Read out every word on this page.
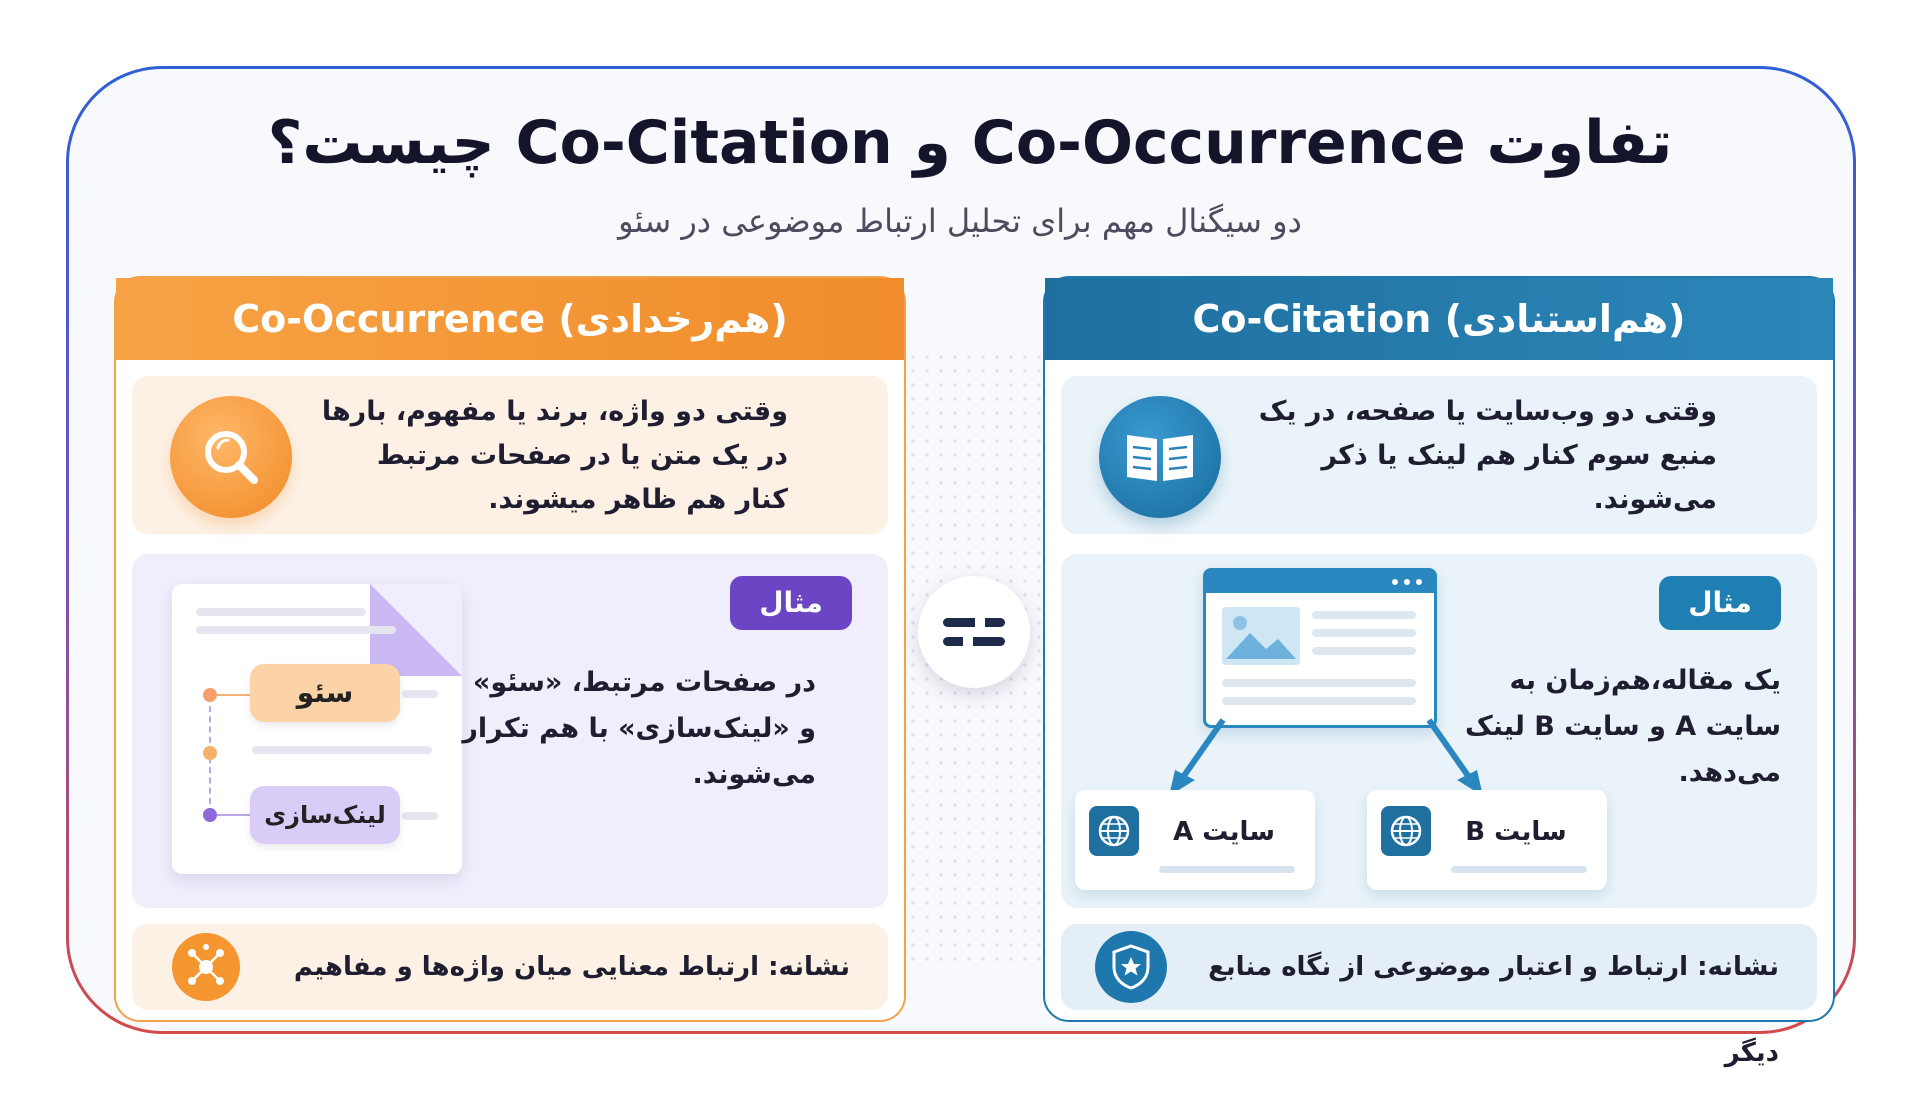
تفاوت Co-Occurrence و Co-Citation چیست؟
دو سیگنال مهم برای تحلیل ارتباط موضوعی در سئو
Co-Occurrence (هم‌رخدادی)
وقتی دو واژه، برند یا مفهوم، بارها در یک متن یا در صفحات مرتبط کنار هم ظاهر میشوند.
سئو
لینک‌سازی
مثال
در صفحات مرتبط، «سئو» و «لینک‌سازی» با هم تکرار می‌شوند.
نشانه: ارتباط معنایی میان واژه‌ها و مفاهیم
Co-Citation (هم‌استنادی)
وقتی دو وب‌سایت یا صفحه، در یک منبع سوم کنار هم لینک یا ذکر می‌شوند.
سایت A	سایت B
مثال
یک مقاله،هم‌زمان به سایت A و سایت B لینک می‌دهد.
نشانه: ارتباط و اعتبار موضوعی از نگاه منابع دیگر
